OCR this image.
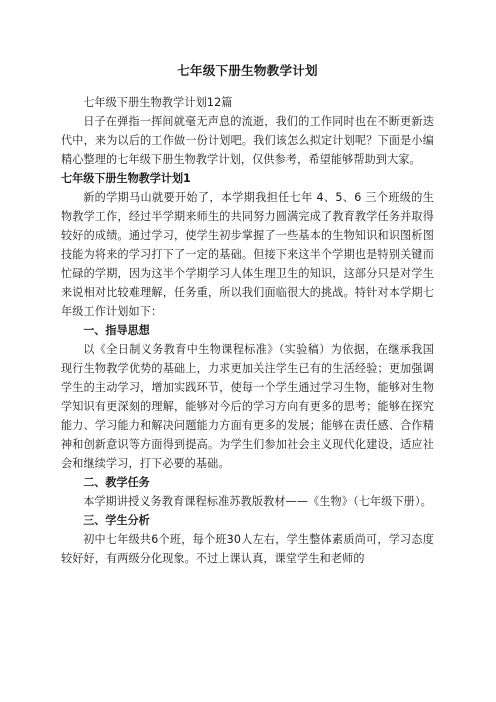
七年级下册生物教学计划

七年级下册生物教学计划12篇

日子在弹指一挥间就毫无声息的流逝，我们的工作同时也在不断更新迭代中，来为以后的工作做一份计划吧。我们该怎么拟定计划呢？下面是小编精心整理的七年级下册生物教学计划，仅供参考，希望能够帮助到大家。

七年级下册生物教学计划1

新的学期马山就要开始了，本学期我担任七年 4、5、6 三个班级的生物教学工作，经过半学期来师生的共同努力圆满完成了教育教学任务并取得较好的成绩。通过学习，使学生初步掌握了一些基本的生物知识和识图析图技能为将来的学习打下了一定的基础。但接下来这半个学期也是特别关键而忙碌的学期，因为这半个学期学习人体生理卫生的知识，这部分只是对学生来说相对比较难理解，任务重，所以我们面临很大的挑战。特针对本学期七年级工作计划如下：

一、指导思想

以《全日制义务教育中生物课程标准》（实验稿）为依据，在继承我国现行生物教学优势的基础上，力求更加关注学生已有的生活经验；更加强调学生的主动学习，增加实践环节，使每一个学生通过学习生物，能够对生物学知识有更深刻的理解，能够对今后的学习方向有更多的思考；能够在探究能力、学习能力和解决问题能力方面有更多的发展；能够在责任感、合作精神和创新意识等方面得到提高。为学生们参加社会主义现代化建设，适应社会和继续学习，打下必要的基础。

二、教学任务

本学期讲授义务教育课程标准苏教版教材——《生物》（七年级下册）。

三、学生分析

初中七年级共6个班，每个班30人左右，学生整体素质尚可，学习态度较好好，有两级分化现象。不过上课认真，课堂学生和老师的
